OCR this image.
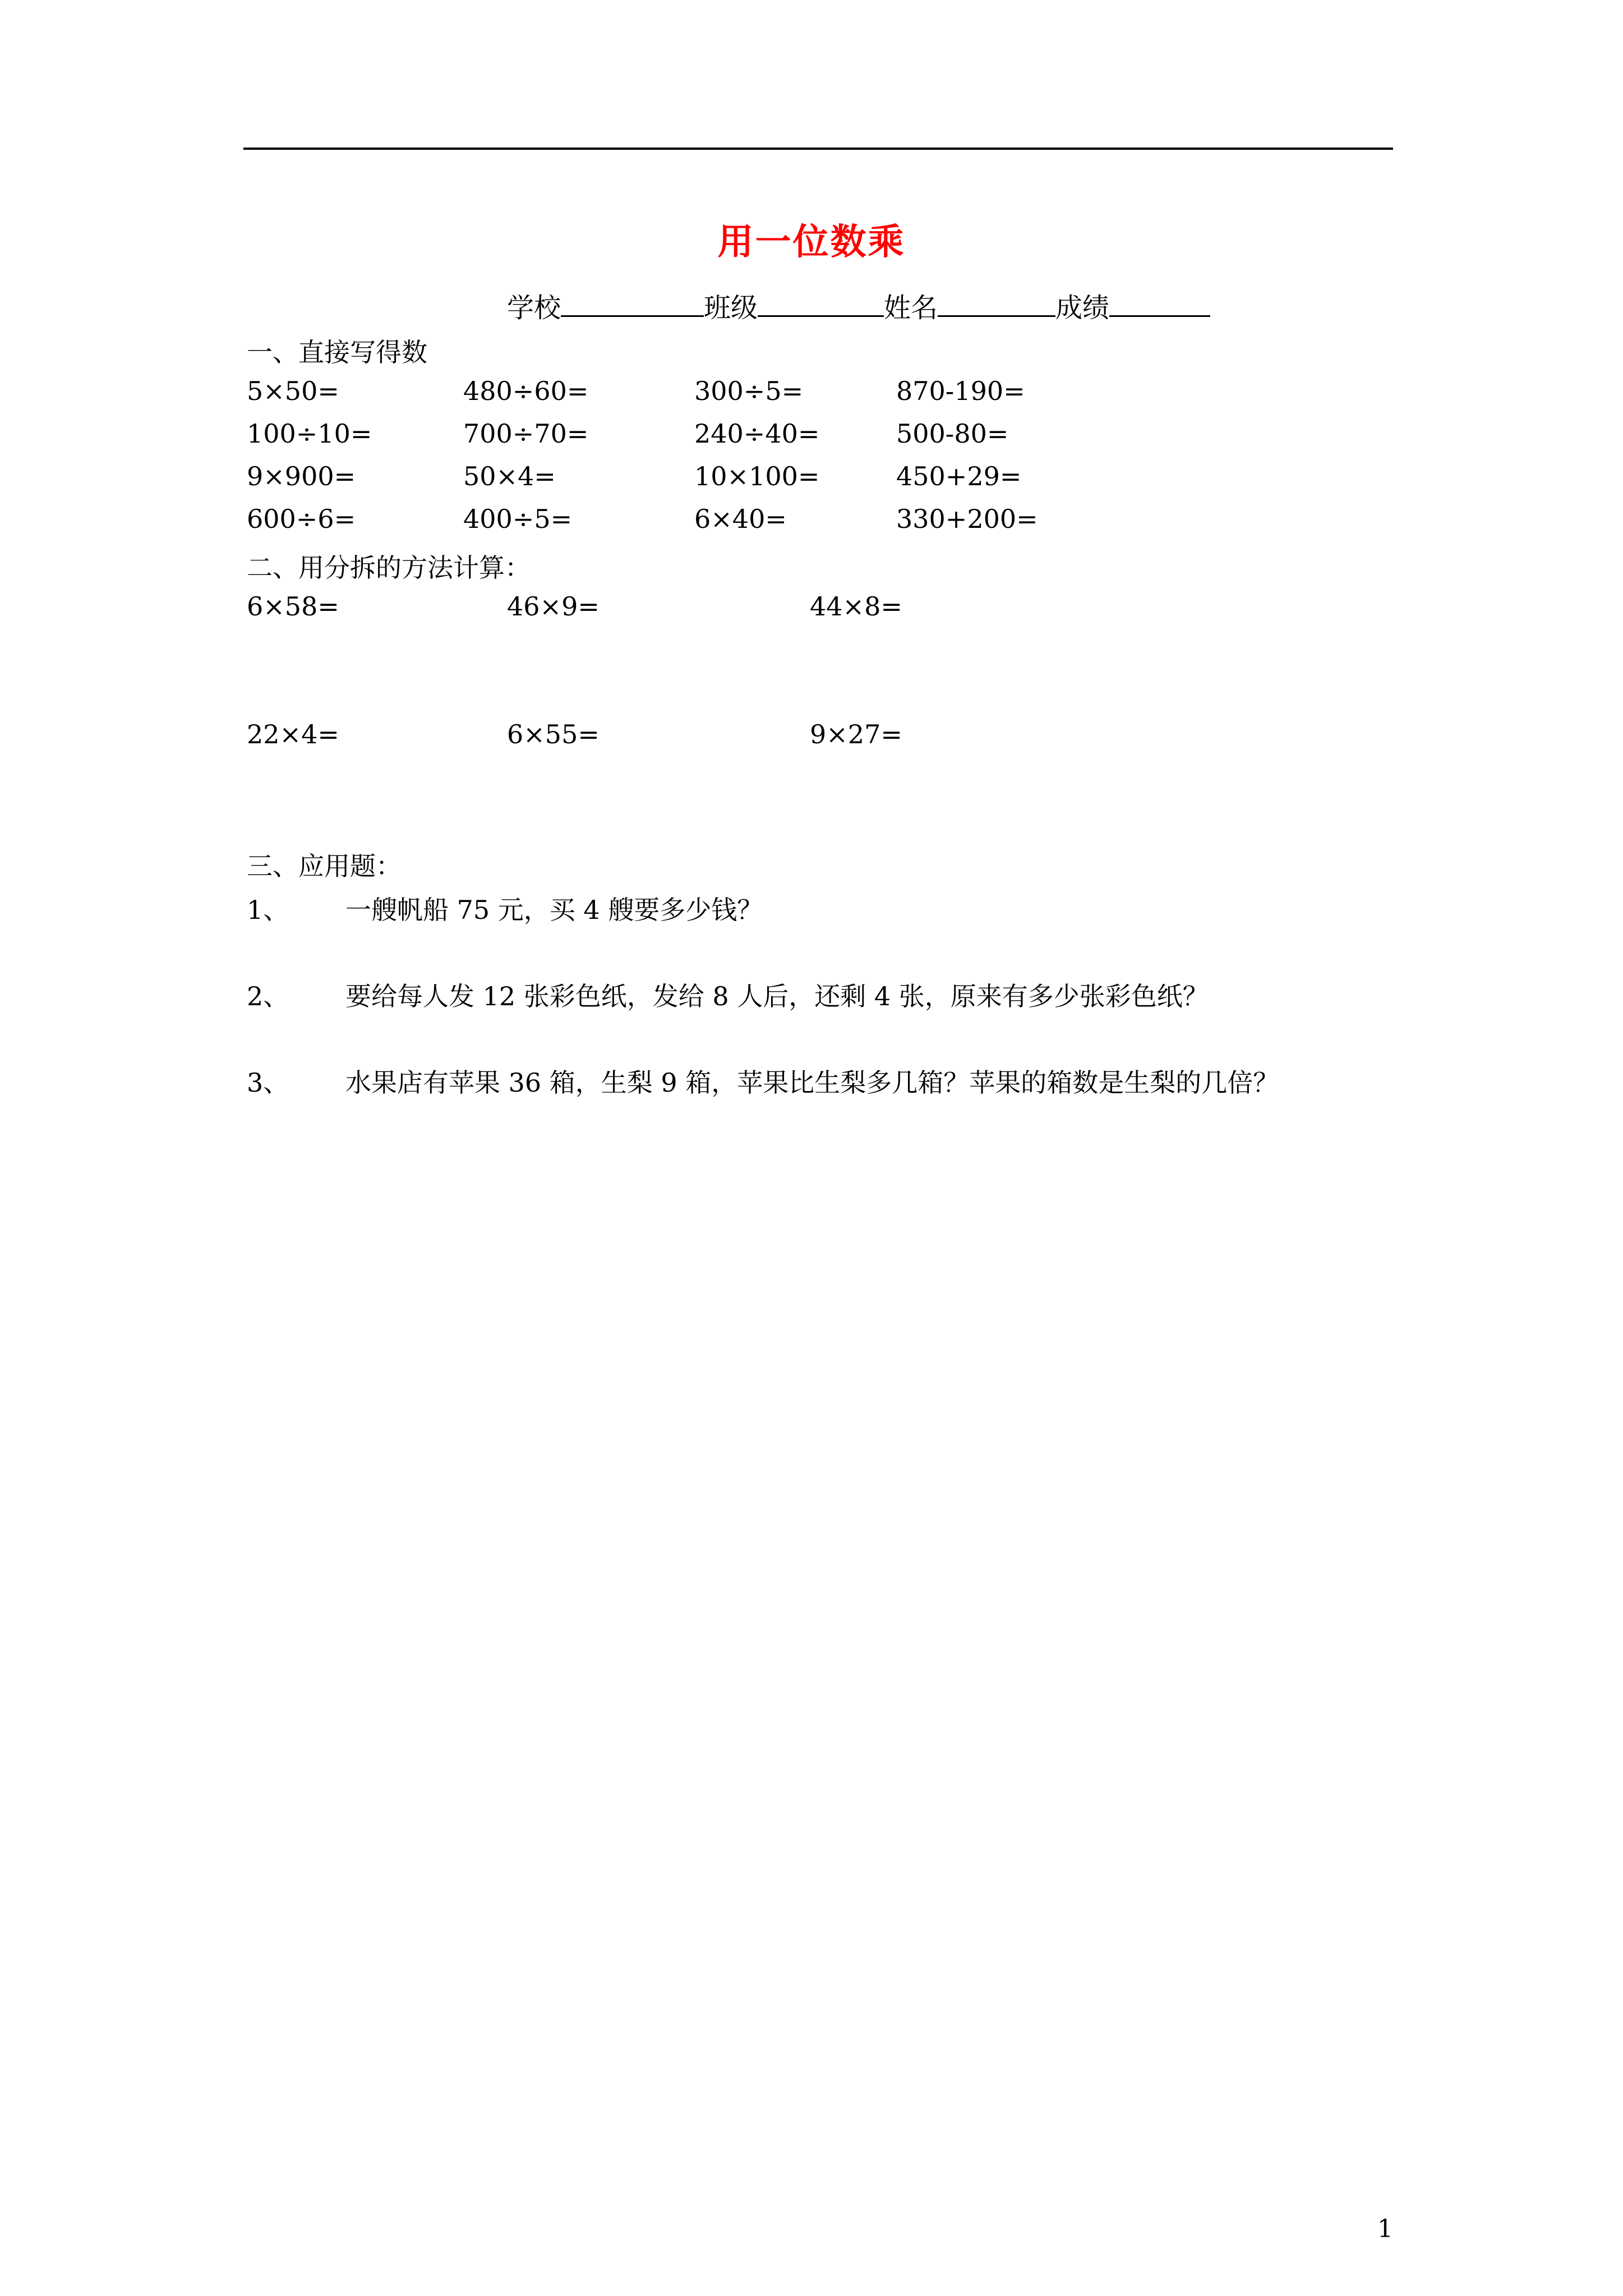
用一位数乘
学校	班级	姓名	成绩
一、直接写得数
5×50=	480÷60=	300÷5=	870-190=
100÷10=	700÷70=	240÷40=	500-80=
9×900=	50×4=	10×100=	450+29=
600÷6=	400÷5=	6×40=	330+200=
二、用分拆的方法计算：
6×58=	46×9=	44×8=
22×4=	6×55=	9×27=
三、应用题：
1、 一艘帆船 75 元，买 4 艘要多少钱？
2、 要给每人发 12 张彩色纸，发给 8 人后，还剩 4 张，原来有多少张彩色纸？
3、 水果店有苹果 36 箱，生梨 9 箱，苹果比生梨多几箱？苹果的箱数是生梨的几倍？
1
